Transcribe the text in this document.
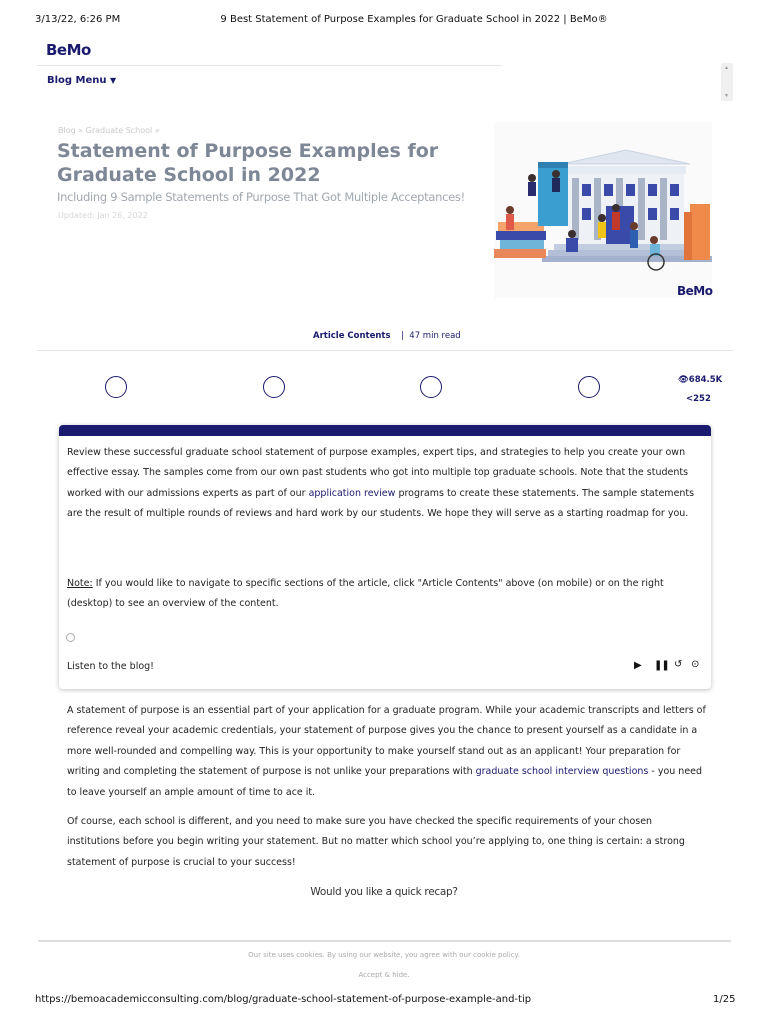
3/13/22, 6:26 PM	9 Best Statement of Purpose Examples for Graduate School in 2022 | BeMo®
BeMo
Blog Menu ▼
▲
▼
Blog » Graduate School »
Statement of Purpose Examples for Graduate School in 2022
Including 9 Sample Statements of Purpose That Got Multiple Acceptances!
Updated: Jan 26, 2022
BeMo
Article Contents | 47 min read
👁684.5K
<252
Review these successful graduate school statement of purpose examples, expert tips, and strategies to help you create your own effective essay. The samples come from our own past students who got into multiple top graduate schools. Note that the students worked with our admissions experts as part of our application review programs to create these statements. The sample statements are the result of multiple rounds of reviews and hard work by our students. We hope they will serve as a starting roadmap for you.
Note: If you would like to navigate to specific sections of the article, click "Article Contents" above (on mobile) or on the right (desktop) to see an overview of the content.
Listen to the blog!	▶ ❚❚ ↺ ⊙
A statement of purpose is an essential part of your application for a graduate program. While your academic transcripts and letters of reference reveal your academic credentials, your statement of purpose gives you the chance to present yourself as a candidate in a more well-rounded and compelling way. This is your opportunity to make yourself stand out as an applicant! Your preparation for writing and completing the statement of purpose is not unlike your preparations with graduate school interview questions - you need to leave yourself an ample amount of time to ace it.
Of course, each school is different, and you need to make sure you have checked the specific requirements of your chosen institutions before you begin writing your statement. But no matter which school you’re applying to, one thing is certain: a strong statement of purpose is crucial to your success!
Would you like a quick recap?
Our site uses cookies. By using our website, you agree with our cookie policy.
Accept & hide.
https://bemoacademicconsulting.com/blog/graduate-school-statement-of-purpose-example-and-tip	1/25
